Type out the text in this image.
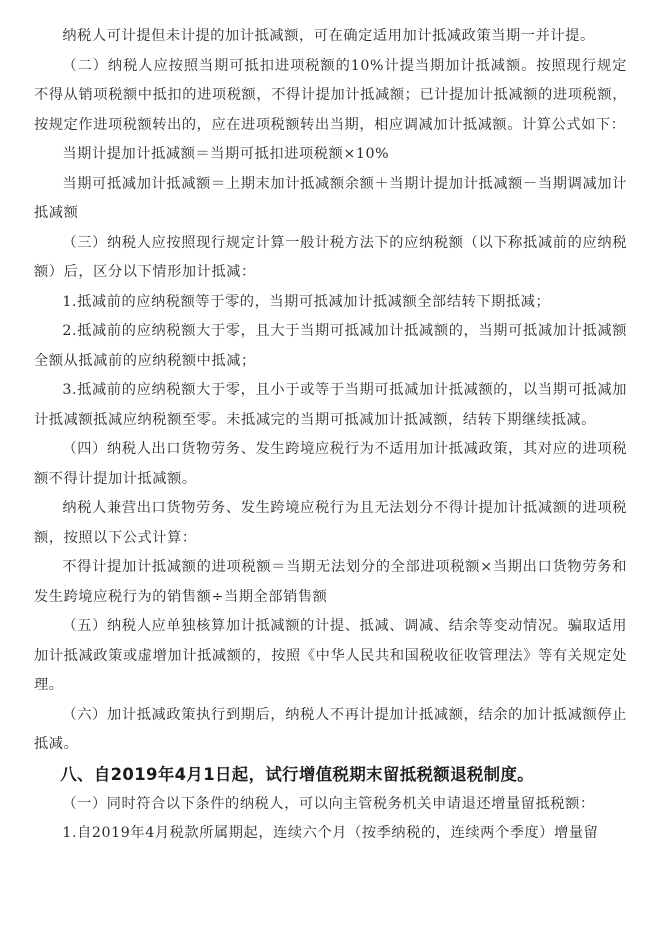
纳税人可计提但未计提的加计抵减额，可在确定适用加计抵减政策当期一并计提。

（二）纳税人应按照当期可抵扣进项税额的10%计提当期加计抵减额。按照现行规定不得从销项税额中抵扣的进项税额，不得计提加计抵减额；已计提加计抵减额的进项税额，按规定作进项税额转出的，应在进项税额转出当期，相应调减加计抵减额。计算公式如下：

当期计提加计抵减额＝当期可抵扣进项税额×10%

当期可抵减加计抵减额＝上期末加计抵减额余额＋当期计提加计抵减额－当期调减加计抵减额

（三）纳税人应按照现行规定计算一般计税方法下的应纳税额（以下称抵减前的应纳税额）后，区分以下情形加计抵减：

1.抵减前的应纳税额等于零的，当期可抵减加计抵减额全部结转下期抵减；

2.抵减前的应纳税额大于零，且大于当期可抵减加计抵减额的，当期可抵减加计抵减额全额从抵减前的应纳税额中抵减；

3.抵减前的应纳税额大于零，且小于或等于当期可抵减加计抵减额的，以当期可抵减加计抵减额抵减应纳税额至零。未抵减完的当期可抵减加计抵减额，结转下期继续抵减。

（四）纳税人出口货物劳务、发生跨境应税行为不适用加计抵减政策，其对应的进项税额不得计提加计抵减额。

纳税人兼营出口货物劳务、发生跨境应税行为且无法划分不得计提加计抵减额的进项税额，按照以下公式计算：

不得计提加计抵减额的进项税额＝当期无法划分的全部进项税额×当期出口货物劳务和发生跨境应税行为的销售额÷当期全部销售额

（五）纳税人应单独核算加计抵减额的计提、抵减、调减、结余等变动情况。骗取适用加计抵减政策或虚增加计抵减额的，按照《中华人民共和国税收征收管理法》等有关规定处理。

（六）加计抵减政策执行到期后，纳税人不再计提加计抵减额，结余的加计抵减额停止抵减。

八、自2019年4月1日起，试行增值税期末留抵税额退税制度。

（一）同时符合以下条件的纳税人，可以向主管税务机关申请退还增量留抵税额：

1.自2019年4月税款所属期起，连续六个月（按季纳税的，连续两个季度）增量留
